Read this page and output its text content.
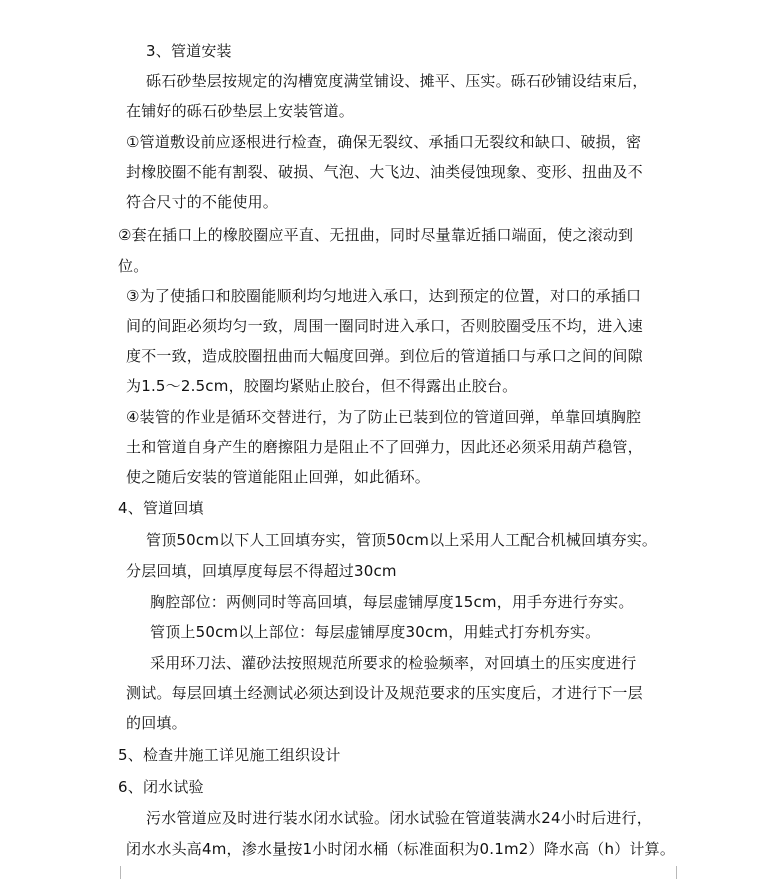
3、管道安装
砾石砂垫层按规定的沟槽宽度满堂铺设、摊平、压实。砾石砂铺设结束后，
在铺好的砾石砂垫层上安装管道。
①管道敷设前应逐根进行检查，确保无裂纹、承插口无裂纹和缺口、破损，密
封橡胶圈不能有割裂、破损、气泡、大飞边、油类侵蚀现象、变形、扭曲及不
符合尺寸的不能使用。
②套在插口上的橡胶圈应平直、无扭曲，同时尽量靠近插口端面，使之滚动到
位。
③为了使插口和胶圈能顺利均匀地进入承口，达到预定的位置，对口的承插口
间的间距必须均匀一致，周围一圈同时进入承口，否则胶圈受压不均，进入速
度不一致，造成胶圈扭曲而大幅度回弹。到位后的管道插口与承口之间的间隙
为1.5～2.5cm，胶圈均紧贴止胶台，但不得露出止胶台。
④装管的作业是循环交替进行，为了防止已装到位的管道回弹，单靠回填胸腔
土和管道自身产生的磨擦阻力是阻止不了回弹力，因此还必须采用葫芦稳管，
使之随后安装的管道能阻止回弹，如此循环。
4、管道回填
管顶50cm以下人工回填夯实，管顶50cm以上采用人工配合机械回填夯实。
分层回填，回填厚度每层不得超过30cm
胸腔部位：两侧同时等高回填，每层虚铺厚度15cm，用手夯进行夯实。
管顶上50cm以上部位：每层虚铺厚度30cm，用蛙式打夯机夯实。
采用环刀法、灌砂法按照规范所要求的检验频率，对回填土的压实度进行
测试。每层回填土经测试必须达到设计及规范要求的压实度后，才进行下一层
的回填。
5、检查井施工详见施工组织设计
6、闭水试验
污水管道应及时进行装水闭水试验。闭水试验在管道装满水24小时后进行，
闭水水头高4m，渗水量按1小时闭水桶（标准面积为0.1m2）降水高（h）计算。
